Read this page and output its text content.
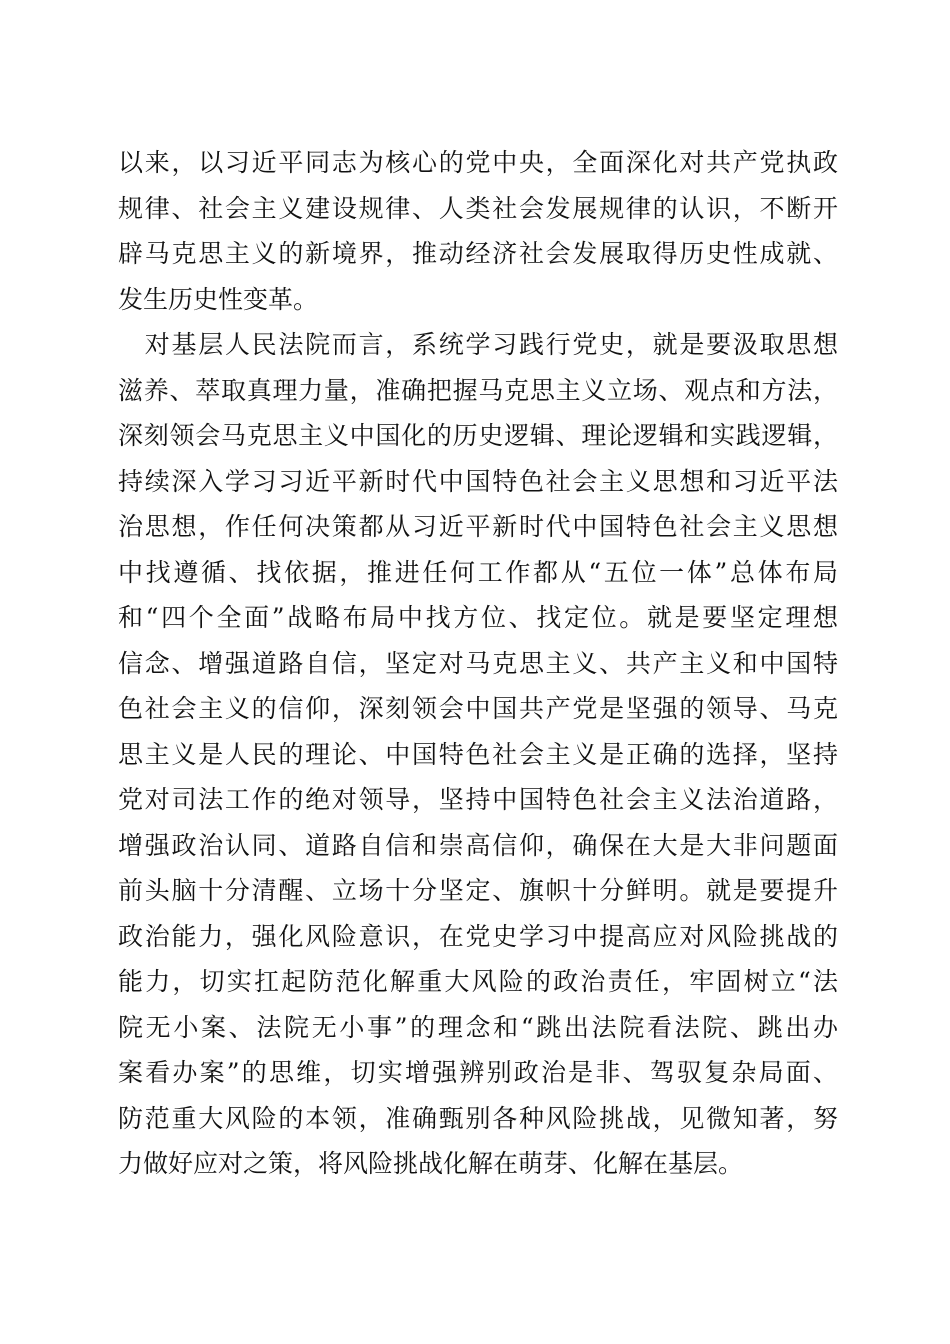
以来，以习近平同志为核心的党中央，全面深化对共产党执政
规律、社会主义建设规律、人类社会发展规律的认识，不断开
辟马克思主义的新境界，推动经济社会发展取得历史性成就、
发生历史性变革。
　对基层人民法院而言，系统学习践行党史，就是要汲取思想
滋养、萃取真理力量，准确把握马克思主义立场、观点和方法，
深刻领会马克思主义中国化的历史逻辑、理论逻辑和实践逻辑，
持续深入学习习近平新时代中国特色社会主义思想和习近平法
治思想，作任何决策都从习近平新时代中国特色社会主义思想
中找遵循、找依据，推进任何工作都从“五位一体”总体布局
和“四个全面”战略布局中找方位、找定位。就是要坚定理想
信念、增强道路自信，坚定对马克思主义、共产主义和中国特
色社会主义的信仰，深刻领会中国共产党是坚强的领导、马克
思主义是人民的理论、中国特色社会主义是正确的选择，坚持
党对司法工作的绝对领导，坚持中国特色社会主义法治道路，
增强政治认同、道路自信和崇高信仰，确保在大是大非问题面
前头脑十分清醒、立场十分坚定、旗帜十分鲜明。就是要提升
政治能力，强化风险意识，在党史学习中提高应对风险挑战的
能力，切实扛起防范化解重大风险的政治责任，牢固树立“法
院无小案、法院无小事”的理念和“跳出法院看法院、跳出办
案看办案”的思维，切实增强辨别政治是非、驾驭复杂局面、
防范重大风险的本领，准确甄别各种风险挑战，见微知著，努
力做好应对之策，将风险挑战化解在萌芽、化解在基层。
